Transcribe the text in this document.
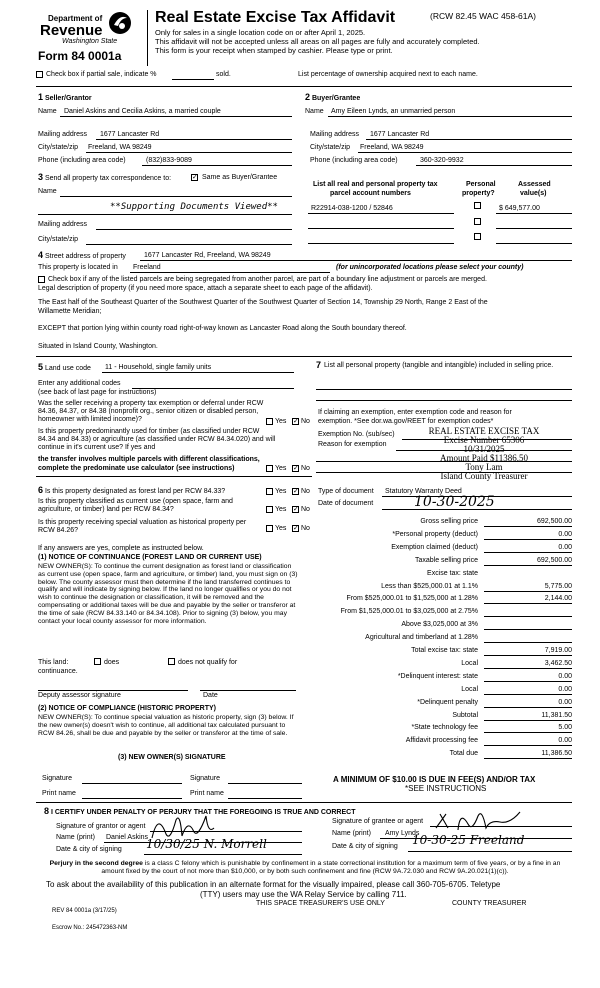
Department of
Revenue
Washington State
Form 84 0001a
Real Estate Excise Tax Affidavit	(RCW 82.45 WAC 458-61A)
Only for sales in a single location code on or after April 1, 2025.
This affidavit will not be accepted unless all areas on all pages are fully and accurately completed.
This form is your receipt when stamped by cashier. Please type or print.
Check box if partial sale, indicate %	sold.	List percentage of ownership acquired next to each name.
1 Seller/Grantor
Name Daniel Askins and Cecilia Askins, a married couple
Mailing address 1677 Lancaster Rd
City/state/zip Freeland, WA 98249
Phone (including area code)	(832)833-9089
2 Buyer/Grantee
Name Amy Eileen Lynds, an unmarried person
Mailing address 1677 Lancaster Rd
City/state/zip Freeland, WA 98249
Phone (including area code)	360-320-9932
3 Send all property tax correspondence to:	✓ Same as Buyer/Grantee
Name
**Supporting Documents Viewed**
Mailing address
City/state/zip
List all real and personal property tax
parcel account numbers
Personal
property?
Assessed
value(s)
R22914-038-1200 / 52846	$ 649,577.00
4 Street address of property	1677 Lancaster Rd, Freeland, WA 98249
This property is located in Freeland	(for unincorporated locations please select your county)
Check box if any of the listed parcels are being segregated from another parcel, are part of a boundary line adjustment or parcels are merged.
Legal description of property (if you need more space, attach a separate sheet to each page of the affidavit).
The East half of the Southeast Quarter of the Southwest Quarter of the Southwest Quarter of Section 14, Township 29 North, Range 2 East of the
Willamette Meridian;
EXCEPT that portion lying within county road right-of-way known as Lancaster Road along the South boundary thereof.
Situated in Island County, Washington.
5 Land use code 11 - Household, single family units
Enter any additional codes
(see back of last page for instructions)
Was the seller receiving a property tax exemption or deferral under RCW 84.36, 84.37, or 84.38 (nonprofit org., senior citizen or disabled person, homeowner with limited income)?	Yes ✓ No
Is this property predominantly used for timber (as classified under RCW 84.34 and 84.33) or agriculture (as classified under RCW 84.34.020) and will continue in it's current use? If yes and
the transfer involves multiple parcels with different classifications,
complete the predominate use calculator (see instructions)	Yes ✓ No
7 List all personal property (tangible and intangible) included in selling price.
If claiming an exemption, enter exemption code and reason for
exemption. *See dor.wa.gov/REET for exemption codes*
Exemption No. (sub/sec)
Reason for exemption
REAL ESTATE EXCISE TAX
Excise Number 65306
10/31/2025
Amount Paid $11386.50
Tony Lam
Island County Treasurer
6 Is this property designated as forest land per RCW 84.33?	Yes ✓ No
Is this property classified as current use (open space, farm and agriculture, or timber) land per RCW 84.34?	Yes ✓ No
Is this property receiving special valuation as historical property per RCW 84.26?	Yes ✓ No
If any answers are yes, complete as instructed below.
(1) NOTICE OF CONTINUANCE (FOREST LAND OR CURRENT USE)
NEW OWNER(S): To continue the current designation as forest land or classification as current use (open space, farm and agriculture, or timber) land, you must sign on (3) below. The county assessor must then determine if the land transferred continues to qualify and will indicate by signing below. If the land no longer qualifies or you do not wish to continue the designation or classification, it will be removed and the compensating or additional taxes will be due and payable by the seller or transferor at the time of sale (RCW 84.33.140 or 84.34.108). Prior to signing (3) below, you may contact your local county assessor for more information.
This land:	does	does not qualify for
continuance.
Deputy assessor signature	Date
(2) NOTICE OF COMPLIANCE (HISTORIC PROPERTY)
NEW OWNER(S): To continue special valuation as historic property, sign (3) below. If the new owner(s) doesn't wish to continue, all additional tax calculated pursuant to RCW 84.26, shall be due and payable by the seller or transferor at the time of sale.
(3) NEW OWNER(S) SIGNATURE
Signature	Signature
Print name	Print name
Type of document Statutory Warranty Deed
Date of document	10-30-2025
Gross selling price	692,500.00
*Personal property (deduct)	0.00
Exemption claimed (deduct)	0.00
Taxable selling price	692,500.00
Excise tax: state
Less than $525,000.01 at 1.1%	5,775.00
From $525,000.01 to $1,525,000 at 1.28%	2,144.00
From $1,525,000.01 to $3,025,000 at 2.75%
Above $3,025,000 at 3%
Agricultural and timberland at 1.28%
Total excise tax: state	7,919.00
Local	3,462.50
*Delinquent interest: state	0.00
Local	0.00
*Delinquent penalty	0.00
Subtotal	11,381.50
*State technology fee	5.00
Affidavit processing fee	0.00
Total due	11,386.50
A MINIMUM OF $10.00 IS DUE IN FEE(S) AND/OR TAX
*SEE INSTRUCTIONS
8 I CERTIFY UNDER PENALTY OF PERJURY THAT THE FOREGOING IS TRUE AND CORRECT
Signature of grantor or agent
Name (print) Daniel Askins
Date & city of signing 10/30/25 N. Morrell
Signature of grantee or agent
Name (print) Amy Lynds
Date & city of signing 10-30-25 Freeland
Perjury in the second degree is a class C felony which is punishable by confinement in a state correctional institution for a maximum term of five years, or by a fine in an amount fixed by the court of not more than $10,000, or by both such confinement and fine (RCW 9A.72.030 and RCW 9A.20.021(1)(c)).
To ask about the availability of this publication in an alternate format for the visually impaired, please call 360-705-6705. Teletype
(TTY) users may use the WA Relay Service by calling 711.
REV 84 0001a (3/17/25)
THIS SPACE TREASURER'S USE ONLY	COUNTY TREASURER
Escrow No.: 245472363-NM
